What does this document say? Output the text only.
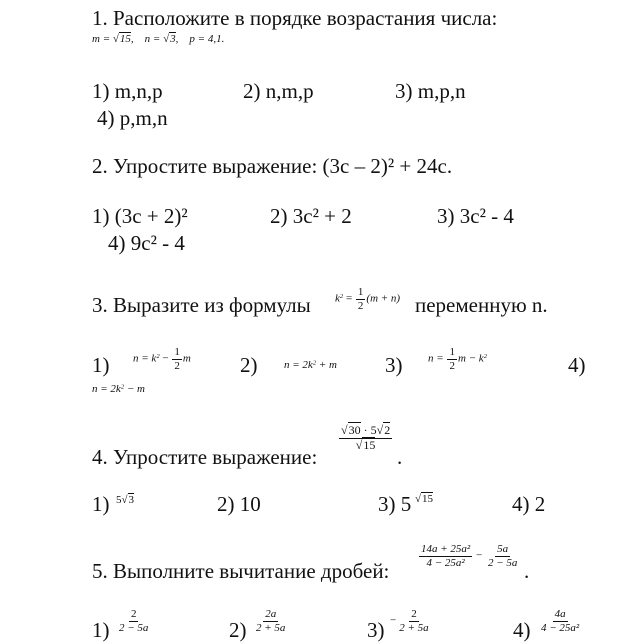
1. Расположите в порядке возрастания числа:
m = √15,    n = √3,    p = 4,1.
1) m,n,p	2) n,m,p	3) m,p,n
4) p,m,n
2. Упростите выражение: (3c – 2)² + 24c.
1) (3c + 2)²	2) 3c² + 2	3) 3c² - 4
4) 9c² - 4
3. Выразите из формулы $k^2 = \frac{1}{2} (m + n)$ переменную n.
1) $n = k^2 - \frac{1}{2}$ m 2) $n = 2k^2 + m$ 3) $n = \frac{1}{2}$ $m - k^2$	4)
$n = 2k^2 - m$
4. Упростите выражение:
$\frac{√30 \cdot 5√2}{√15}$
.
1) 5√3	2) 10	3) 5 √15	4) 2
5. Выполните вычитание дробей:
$\frac{\text{14a + 25a²}}{\text{4 − 25a²}} - \frac{5a}{2 - 5a}$
.
$1) \frac{2}{2 - 5a}$	$2) \frac{2a}{2 + 5a}$	$3) - \frac{2}{2 + 5a}$	$4) \frac{4a}{\text{4 − 25a²}}$
